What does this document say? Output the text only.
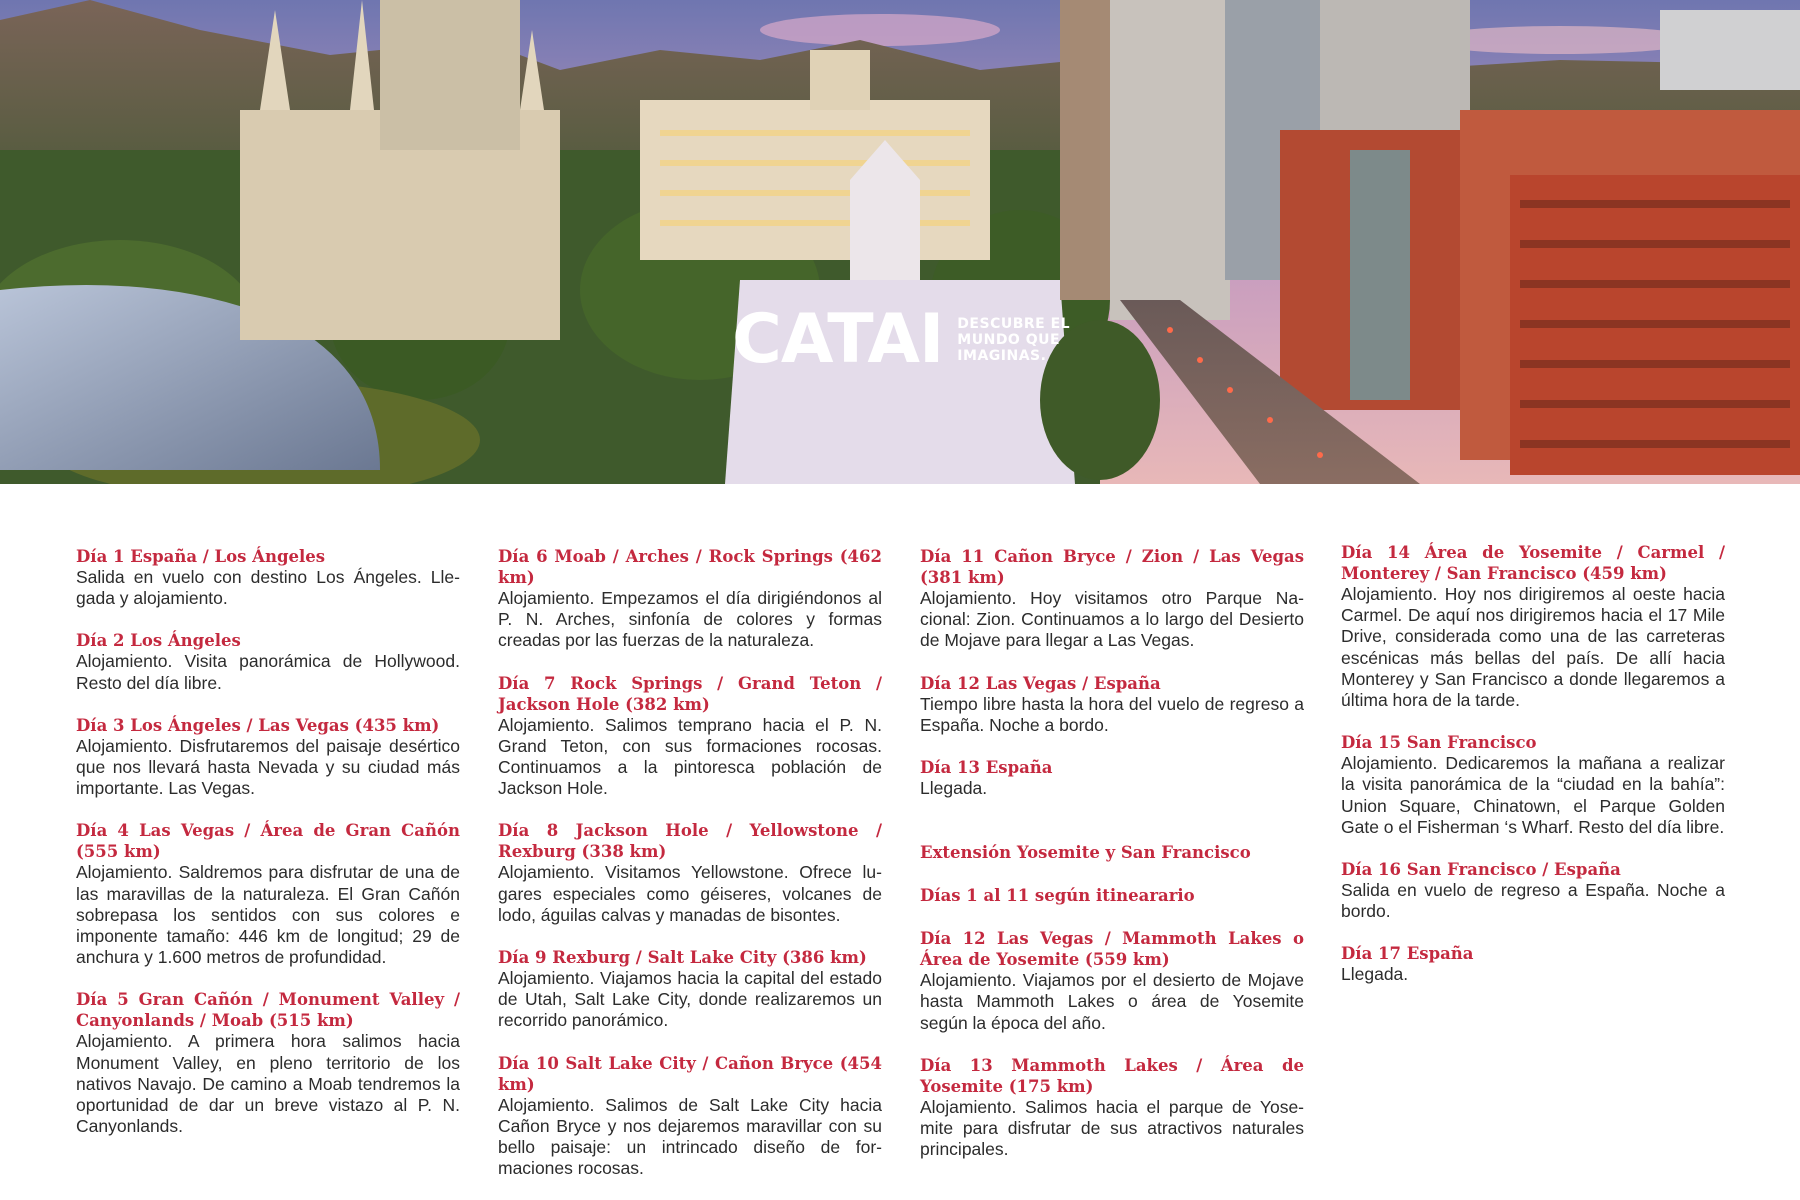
CATAI DESCUBRE EL
MUNDO QUE
IMAGINAS.
Día 1 España / Los Ángeles
Salida en vuelo con destino Los Ángeles. Llegada y alojamiento.
Día 2 Los Ángeles
Alojamiento. Visita panorámica de Hollywood. Resto del día libre.
Día 3 Los Ángeles / Las Vegas (435 km)
Alojamiento. Disfrutaremos del paisaje desértico que nos llevará hasta Nevada y su ciudad más importante. Las Vegas.
Día 4 Las Vegas / Área de Gran Cañón (555 km)
Alojamiento. Saldremos para disfrutar de una de las maravillas de la naturaleza. El Gran Cañón sobrepasa los sentidos con sus colores e imponente tamaño: 446 km de longitud; 29 de anchura y 1.600 metros de profundidad.
Día 5 Gran Cañón / Monument Valley / Canyonlands / Moab (515 km)
Alojamiento. A primera hora salimos hacia Monument Valley, en pleno territorio de los nativos Navajo. De camino a Moab tendremos la oportunidad de dar un breve vistazo al P. N. Canyonlands.
Día 6 Moab / Arches / Rock Springs (462 km)
Alojamiento. Empezamos el día dirigiéndonos al P. N. Arches, sinfonía de colores y formas creadas por las fuerzas de la naturaleza.
Día 7 Rock Springs / Grand Teton / Jackson Hole (382 km)
Alojamiento. Salimos temprano hacia el P. N. Grand Teton, con sus formaciones rocosas. Continuamos a la pintoresca población de Jackson Hole.
Día 8 Jackson Hole / Yellowstone / Rexburg (338 km)
Alojamiento. Visitamos Yellowstone. Ofrece lugares especiales como géiseres, volcanes de lodo, águilas calvas y manadas de bisontes.
Día 9 Rexburg / Salt Lake City (386 km)
Alojamiento. Viajamos hacia la capital del estado de Utah, Salt Lake City, donde realizaremos un recorrido panorámico.
Día 10 Salt Lake City / Cañon Bryce (454 km)
Alojamiento. Salimos de Salt Lake City hacia Cañon Bryce y nos dejaremos maravillar con su bello paisaje: un intrincado diseño de formaciones rocosas.
Día 11 Cañon Bryce / Zion / Las Vegas (381 km)
Alojamiento. Hoy visitamos otro Parque Nacional: Zion. Continuamos a lo largo del Desierto de Mojave para llegar a Las Vegas.
Día 12 Las Vegas / España
Tiempo libre hasta la hora del vuelo de regreso a España. Noche a bordo.
Día 13 España
Llegada.
Extensión Yosemite y San Francisco
Días 1 al 11 según itinearario
Día 12 Las Vegas / Mammoth Lakes o Área de Yosemite (559 km)
Alojamiento. Viajamos por el desierto de Mojave hasta Mammoth Lakes o área de Yosemite según la época del año.
Día 13 Mammoth Lakes / Área de Yosemite (175 km)
Alojamiento. Salimos hacia el parque de Yosemite para disfrutar de sus atractivos naturales principales.
Día 14 Área de Yosemite / Carmel / Monterey / San Francisco (459 km)
Alojamiento. Hoy nos dirigiremos al oeste hacia Carmel. De aquí nos dirigiremos hacia el 17 Mile Drive, considerada como una de las carreteras escénicas más bellas del país. De allí hacia Monterey y San Francisco a donde llegaremos a última hora de la tarde.
Día 15 San Francisco
Alojamiento. Dedicaremos la mañana a realizar la visita panorámica de la “ciudad en la bahía”: Union Square, Chinatown, el Parque Golden Gate o el Fisherman ‘s Wharf. Resto del día libre.
Día 16 San Francisco / España
Salida en vuelo de regreso a España. Noche a bordo.
Día 17 España
Llegada.
